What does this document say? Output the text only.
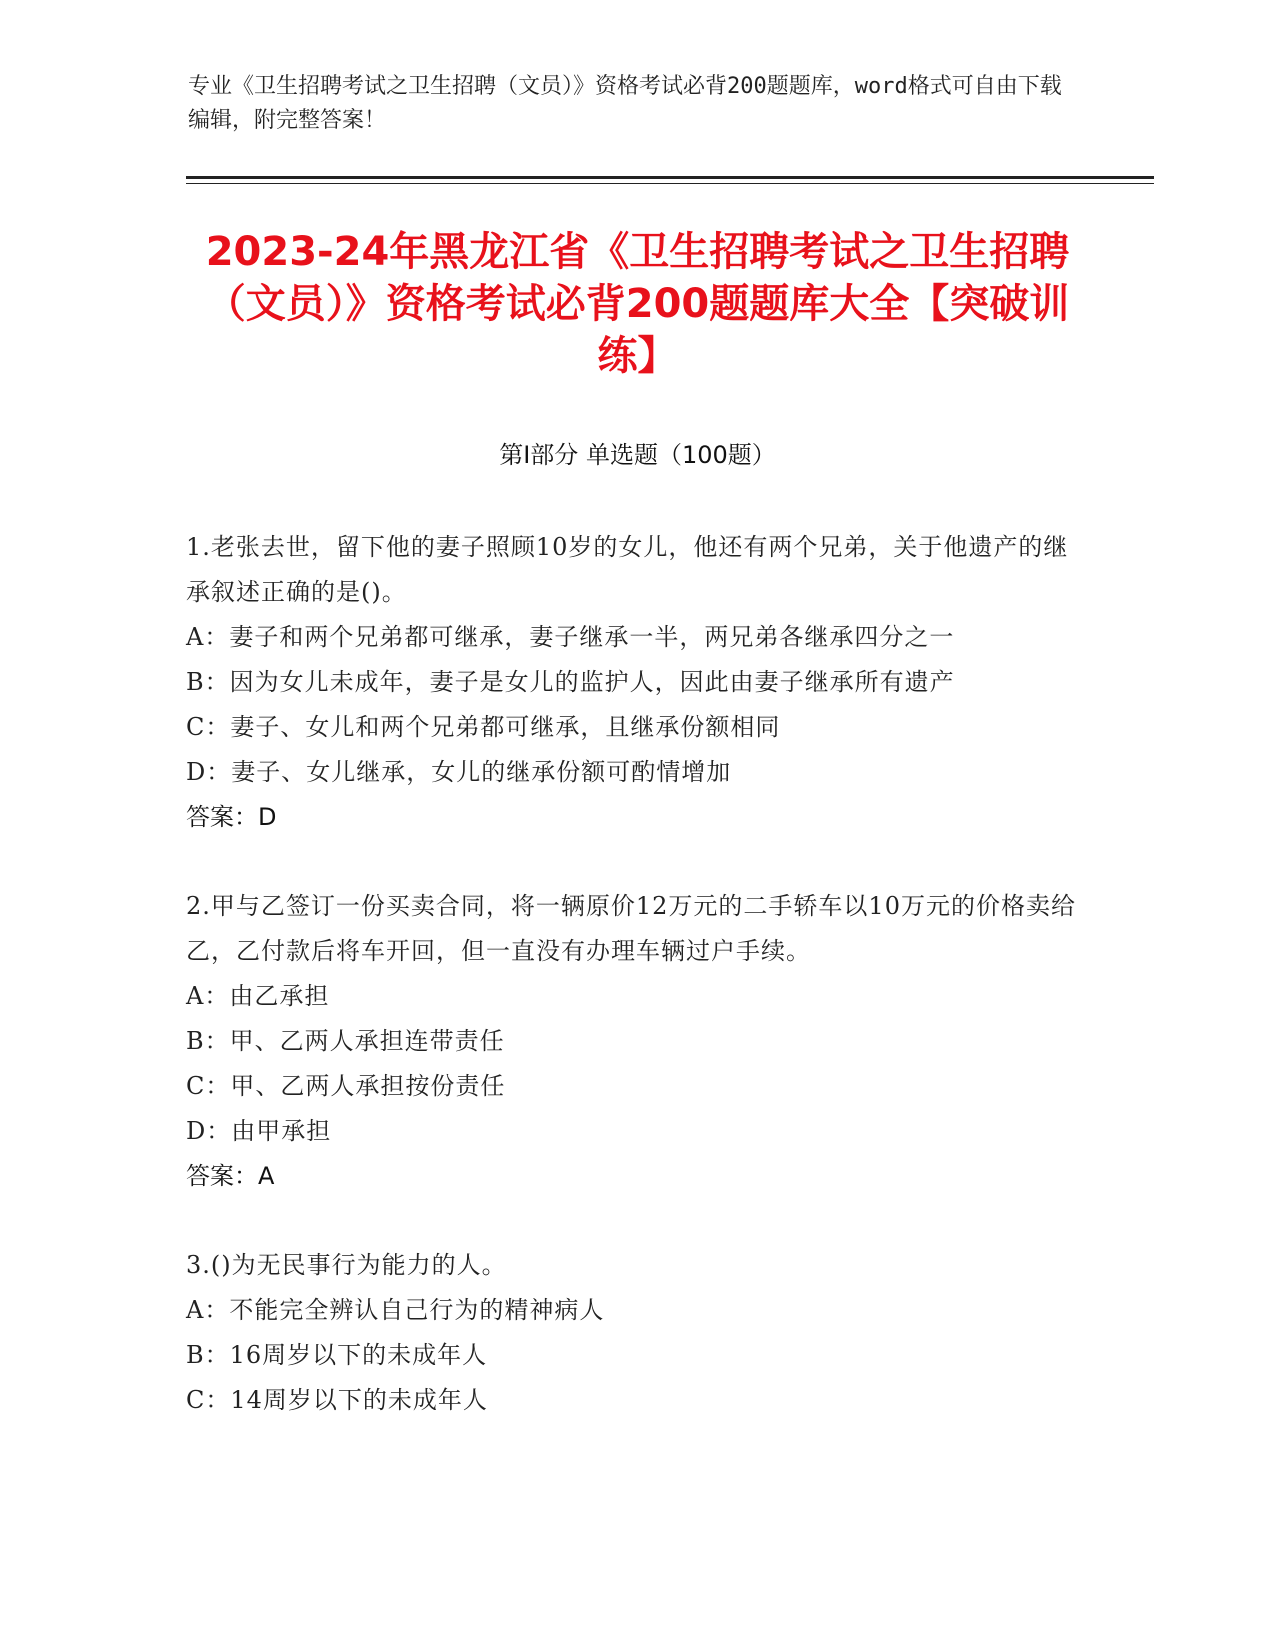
专业《卫生招聘考试之卫生招聘（文员）》资格考试必背200题题库，word格式可自由下载编辑，附完整答案！
2023-24年黑龙江省《卫生招聘考试之卫生招聘（文员）》资格考试必背200题题库大全【突破训练】
第I部分 单选题（100题）
1.老张去世，留下他的妻子照顾10岁的女儿，他还有两个兄弟，关于他遗产的继承叙述正确的是()。
A：妻子和两个兄弟都可继承，妻子继承一半，两兄弟各继承四分之一
B：因为女儿未成年，妻子是女儿的监护人，因此由妻子继承所有遗产
C：妻子、女儿和两个兄弟都可继承，且继承份额相同
D：妻子、女儿继承，女儿的继承份额可酌情增加
答案：D
2.甲与乙签订一份买卖合同，将一辆原价12万元的二手轿车以10万元的价格卖给乙，乙付款后将车开回，但一直没有办理车辆过户手续。
A：由乙承担
B：甲、乙两人承担连带责任
C：甲、乙两人承担按份责任
D：由甲承担
答案：A
3.()为无民事行为能力的人。
A：不能完全辨认自己行为的精神病人
B：16周岁以下的未成年人
C：14周岁以下的未成年人
